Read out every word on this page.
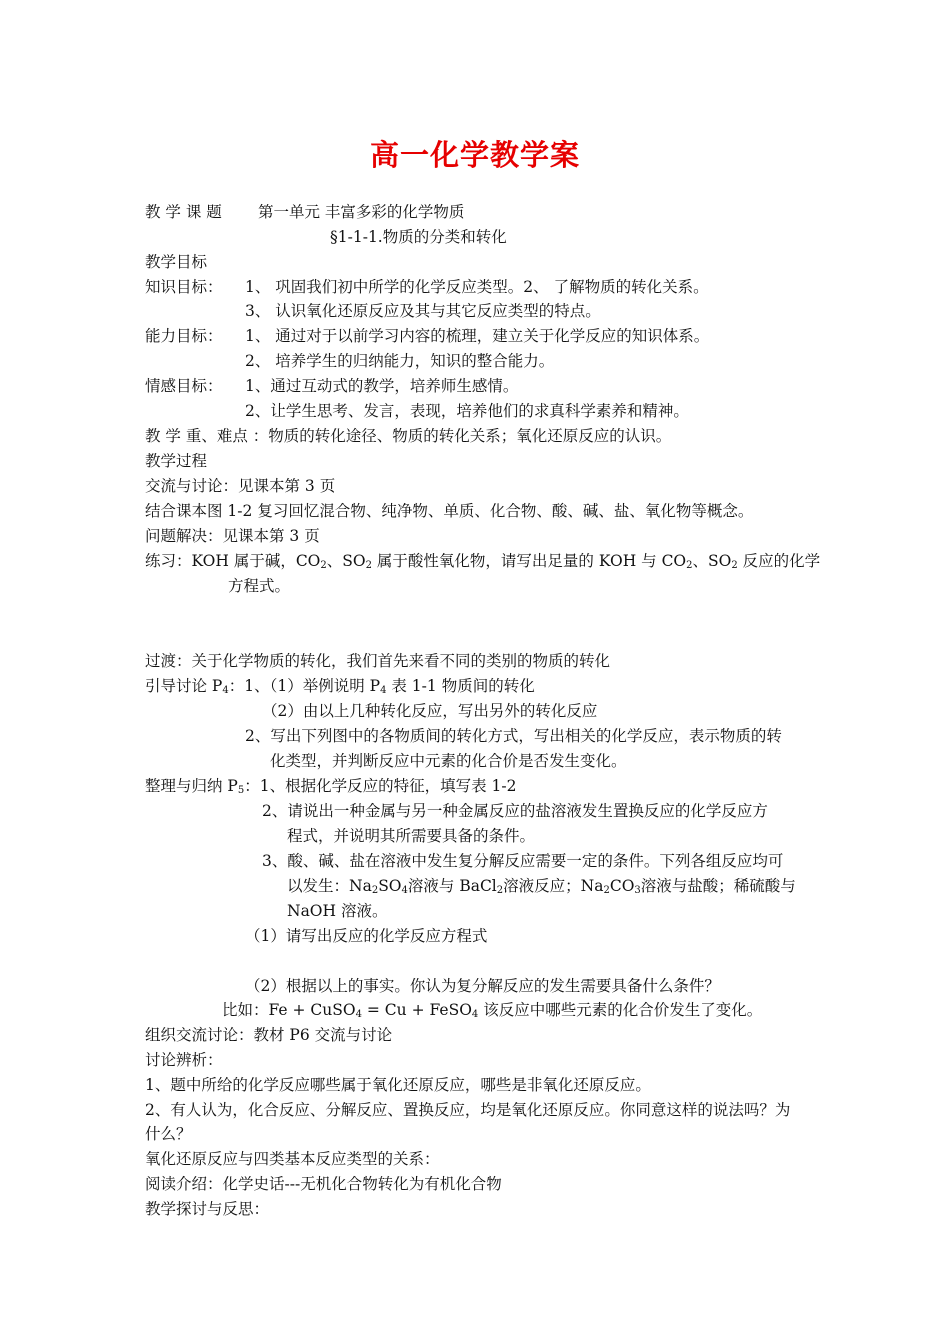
高一化学教学案
教 学 课 题 第一单元 丰富多彩的化学物质
§1-1-1.物质的分类和转化
教学目标
知识目标： 1、 巩固我们初中所学的化学反应类型。2、 了解物质的转化关系。
3、 认识氧化还原反应及其与其它反应类型的特点。
能力目标： 1、 通过对于以前学习内容的梳理，建立关于化学反应的知识体系。
2、 培养学生的归纳能力，知识的整合能力。
情感目标： 1、通过互动式的教学，培养师生感情。
2、让学生思考、发言，表现，培养他们的求真科学素养和精神。
教 学 重、难点 ：物质的转化途径、物质的转化关系；氧化还原反应的认识。
教学过程
交流与讨论：见课本第 3 页
结合课本图 1-2 复习回忆混合物、纯净物、单质、化合物、酸、碱、盐、氧化物等概念。
问题解决：见课本第 3 页
练习：KOH 属于碱，$CO_2$、$SO_2$ 属于酸性氧化物，请写出足量的 KOH 与 $CO_2$、$SO_2$ 反应的化学
方程式。
过渡：关于化学物质的转化，我们首先来看不同的类别的物质的转化
引导讨论 $P_4$：1、（1）举例说明 $P_4$ 表 1-1 物质间的转化
（2）由以上几种转化反应，写出另外的转化反应
2、写出下列图中的各物质间的转化方式，写出相关的化学反应，表示物质的转
化类型，并判断反应中元素的化合价是否发生变化。
整理与归纳 $P_5$：1、根据化学反应的特征，填写表 1-2
2、请说出一种金属与另一种金属反应的盐溶液发生置换反应的化学反应方
程式，并说明其所需要具备的条件。
3、酸、碱、盐在溶液中发生复分解反应需要一定的条件。下列各组反应均可
以发生：$Na_2SO_4$溶液与 BaCl$_2$溶液反应；$Na_2CO_3$溶液与盐酸；稀硫酸与
NaOH 溶液。
（1）请写出反应的化学反应方程式
（2）根据以上的事实。你认为复分解反应的发生需要具备什么条件？
比如：Fe + CuSO$_4$ = Cu + FeSO$_4$ 该反应中哪些元素的化合价发生了变化。
组织交流讨论：教材 P6 交流与讨论
讨论辨析：
1、题中所给的化学反应哪些属于氧化还原反应，哪些是非氧化还原反应。
2、有人认为，化合反应、分解反应、置换反应，均是氧化还原反应。你同意这样的说法吗？为
什么？
氧化还原反应与四类基本反应类型的关系：
阅读介绍：化学史话---无机化合物转化为有机化合物
教学探讨与反思：
